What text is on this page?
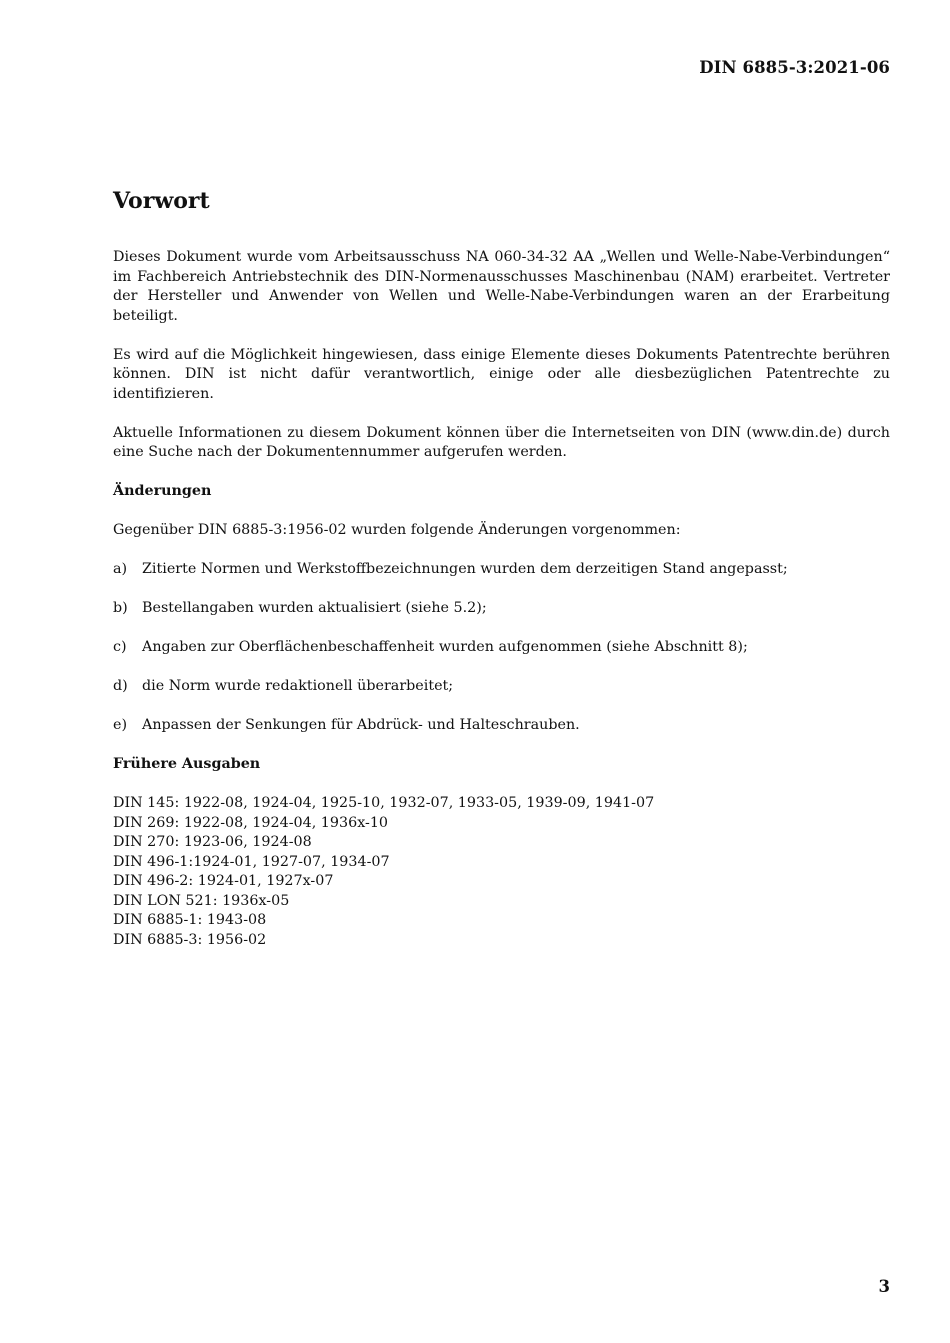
DIN 6885-3:2021-06
Vorwort

Dieses Dokument wurde vom Arbeitsausschuss NA 060-34-32 AA „Wellen und Welle-Nabe-Verbindungen“ im Fachbereich Antriebstechnik des DIN-Normenausschusses Maschinenbau (NAM) erarbeitet. Vertreter der Hersteller und Anwender von Wellen und Welle-Nabe-Verbindungen waren an der Erarbeitung beteiligt.

Es wird auf die Möglichkeit hingewiesen, dass einige Elemente dieses Dokuments Patentrechte berühren können. DIN ist nicht dafür verantwortlich, einige oder alle diesbezüglichen Patentrechte zu identifizieren.

Aktuelle Informationen zu diesem Dokument können über die Internetseiten von DIN (www.din.de) durch eine Suche nach der Dokumentennummer aufgerufen werden.

Änderungen

Gegenüber DIN 6885-3:1956-02 wurden folgende Änderungen vorgenommen:

a)	Zitierte Normen und Werkstoffbezeichnungen wurden dem derzeitigen Stand angepasst;
b) Bestellangaben wurden aktualisiert (siehe 5.2);
c)	Angaben zur Oberflächenbeschaffenheit wurden aufgenommen (siehe Abschnitt 8);
d) die Norm wurde redaktionell überarbeitet;
e)	Anpassen der Senkungen für Abdrück- und Halteschrauben.
Frühere Ausgaben
DIN 145: 1922-08, 1924-04, 1925-10, 1932-07, 1933-05, 1939-09, 1941-07
DIN 269: 1922-08, 1924-04, 1936x-10
DIN 270: 1923-06, 1924-08
DIN 496-1:1924-01, 1927-07, 1934-07
DIN 496-2: 1924-01, 1927x-07
DIN LON 521: 1936x-05
DIN 6885-1: 1943-08
DIN 6885-3: 1956-02
3
